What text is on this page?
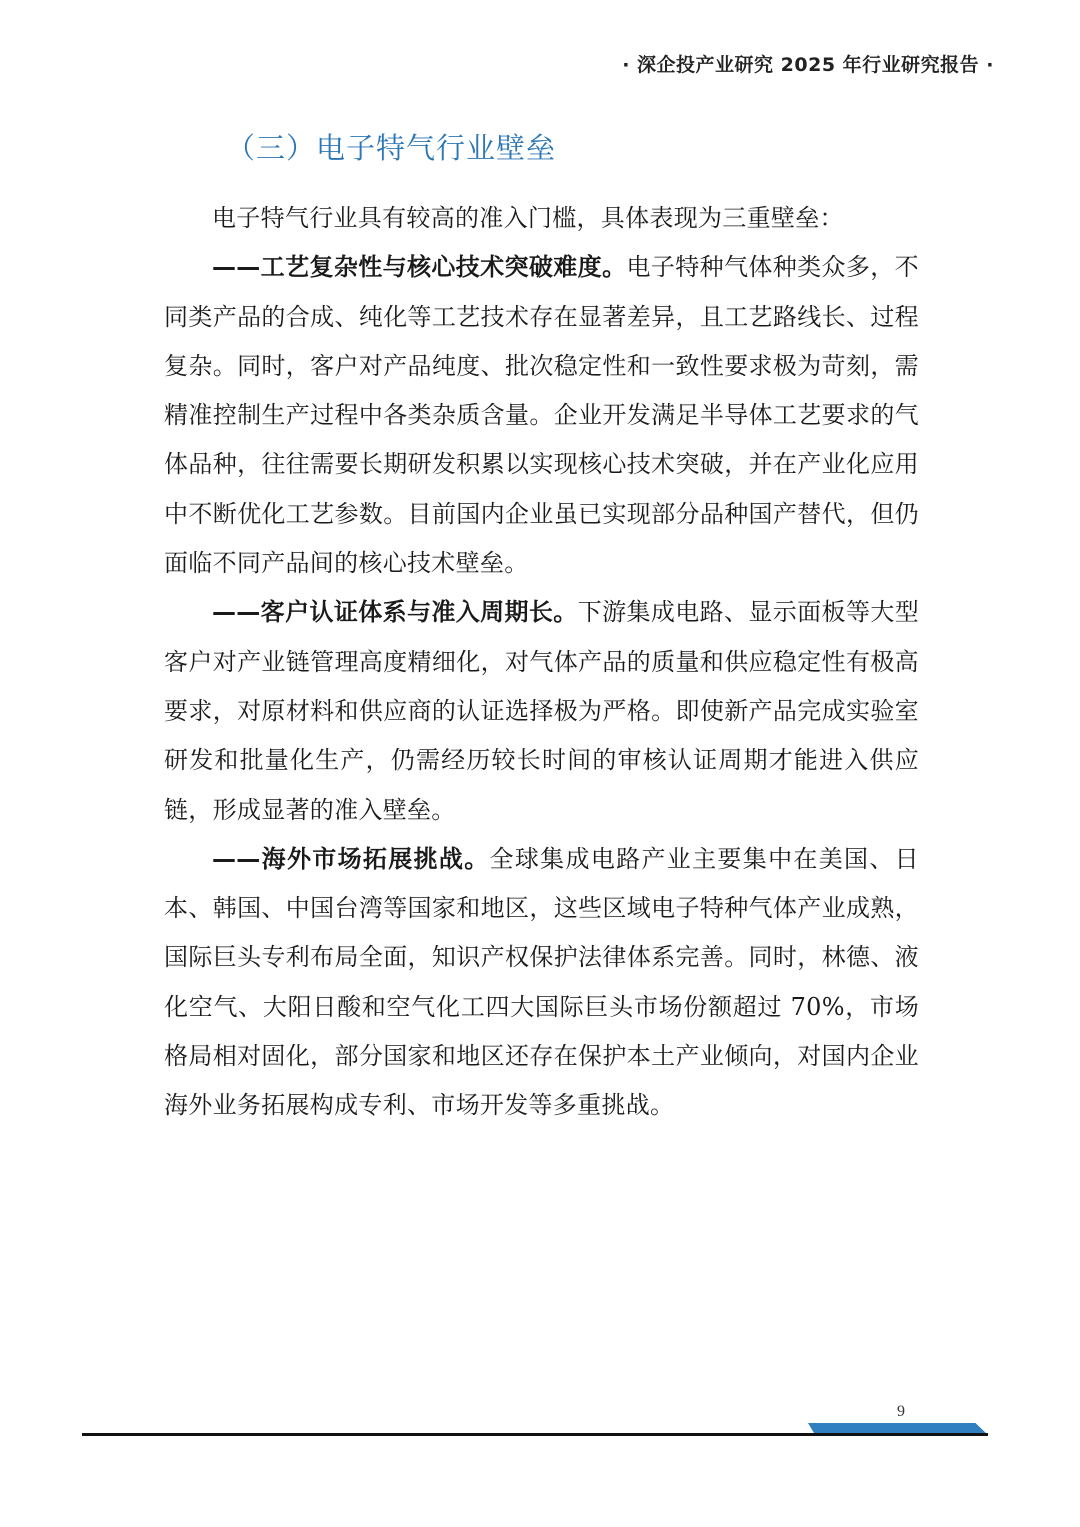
· 深企投产业研究 2025 年行业研究报告 ·
（三）电子特气行业壁垒

电子特气行业具有较高的准入门槛，具体表现为三重壁垒：

——工艺复杂性与核心技术突破难度。电子特种气体种类众多，不同类产品的合成、纯化等工艺技术存在显著差异，且工艺路线长、过程复杂。同时，客户对产品纯度、批次稳定性和一致性要求极为苛刻，需精准控制生产过程中各类杂质含量。企业开发满足半导体工艺要求的气体品种，往往需要长期研发积累以实现核心技术突破，并在产业化应用中不断优化工艺参数。目前国内企业虽已实现部分品种国产替代，但仍面临不同产品间的核心技术壁垒。

——客户认证体系与准入周期长。下游集成电路、显示面板等大型客户对产业链管理高度精细化，对气体产品的质量和供应稳定性有极高要求，对原材料和供应商的认证选择极为严格。即使新产品完成实验室研发和批量化生产，仍需经历较长时间的审核认证周期才能进入供应链，形成显著的准入壁垒。

——海外市场拓展挑战。全球集成电路产业主要集中在美国、日本、韩国、中国台湾等国家和地区，这些区域电子特种气体产业成熟，国际巨头专利布局全面，知识产权保护法律体系完善。同时，林德、液化空气、大阳日酸和空气化工四大国际巨头市场份额超过 70%，市场格局相对固化，部分国家和地区还存在保护本土产业倾向，对国内企业海外业务拓展构成专利、市场开发等多重挑战。

9
